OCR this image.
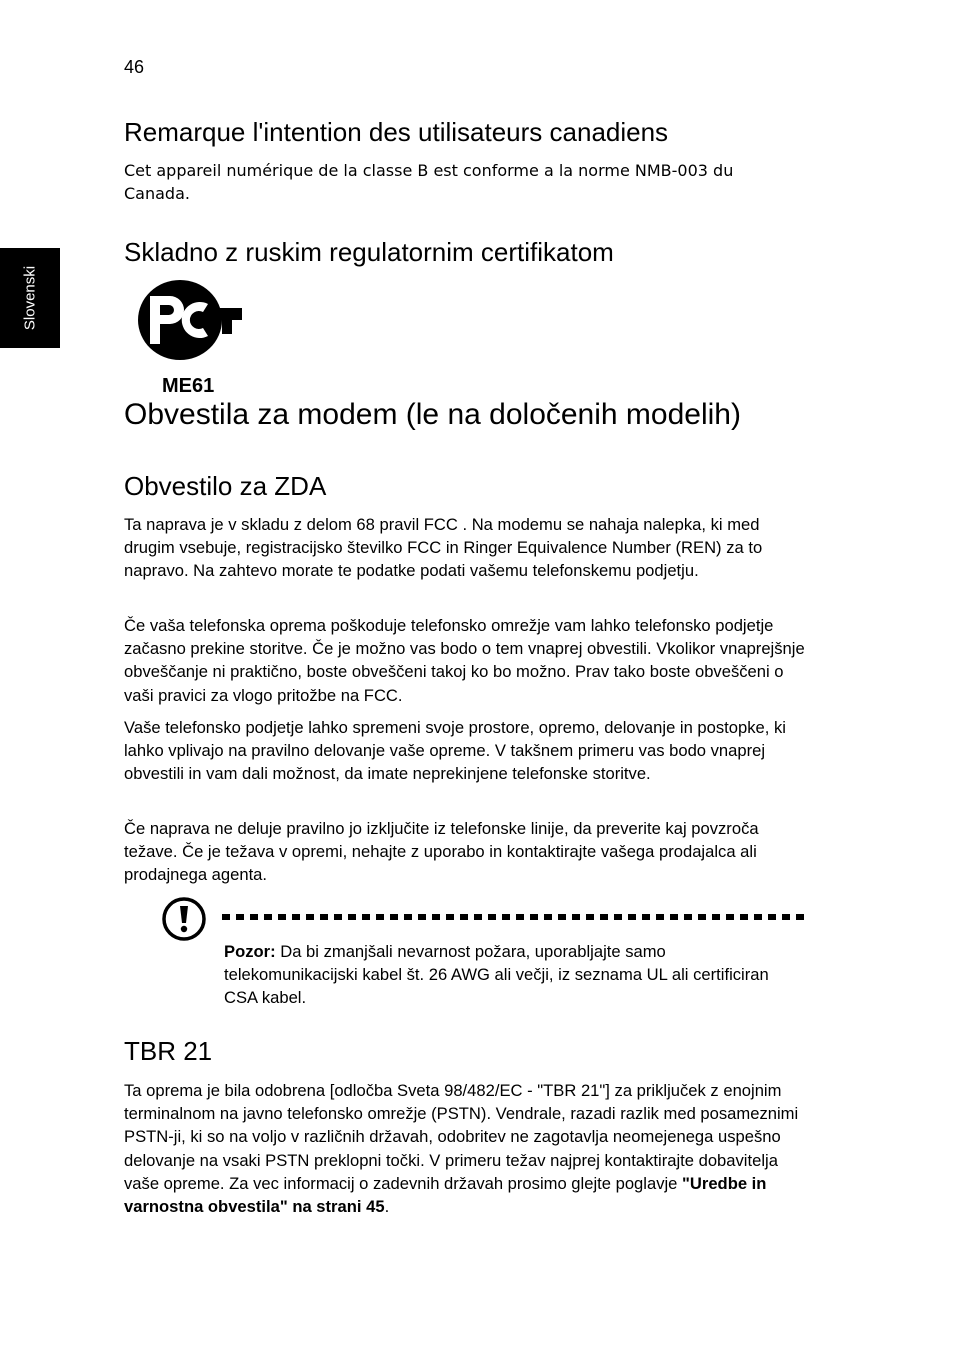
46
Slovenski
Remarque l'intention des utilisateurs canadiens
Cet appareil numérique de la classe B est conforme a la norme NMB-003 du Canada.
Skladno z ruskim regulatornim certifikatom
ME61
Obvestila za modem (le na določenih modelih)
Obvestilo za ZDA
Ta naprava je v skladu z delom 68 pravil FCC . Na modemu se nahaja nalepka, ki med drugim vsebuje, registracijsko številko FCC in Ringer Equivalence Number (REN) za to napravo. Na zahtevo morate te podatke podati vašemu telefonskemu podjetju.
Če vaša telefonska oprema poškoduje telefonsko omrežje vam lahko telefonsko podjetje začasno prekine storitve. Če je možno vas bodo o tem vnaprej obvestili. Vkolikor vnaprejšnje obveščanje ni praktično, boste obveščeni takoj ko bo možno. Prav tako boste obveščeni o vaši pravici za vlogo pritožbe na FCC.
Vaše telefonsko podjetje lahko spremeni svoje prostore, opremo, delovanje in postopke, ki lahko vplivajo na pravilno delovanje vaše opreme. V takšnem primeru vas bodo vnaprej obvestili in vam dali možnost, da imate neprekinjene telefonske storitve.
Če naprava ne deluje pravilno jo izključite iz telefonske linije, da preverite kaj povzroča težave. Če je težava v opremi, nehajte z uporabo in kontaktirajte vašega prodajalca ali prodajnega agenta.
Pozor: Da bi zmanjšali nevarnost požara, uporabljajte samo telekomunikacijski kabel št. 26 AWG ali večji, iz seznama UL ali certificiran CSA kabel.
TBR 21
Ta oprema je bila odobrena [odločba Sveta 98/482/EC - "TBR 21"] za priključek z enojnim terminalnom na javno telefonsko omrežje (PSTN). Vendrale, razadi razlik med posameznimi PSTN-ji, ki so na voljo v različnih državah, odobritev ne zagotavlja neomejenega uspešno delovanje na vsaki PSTN preklopni točki. V primeru težav najprej kontaktirajte dobavitelja vaše opreme. Za vec informacij o zadevnih državah prosimo glejte poglavje "Uredbe in varnostna obvestila" na strani 45.
